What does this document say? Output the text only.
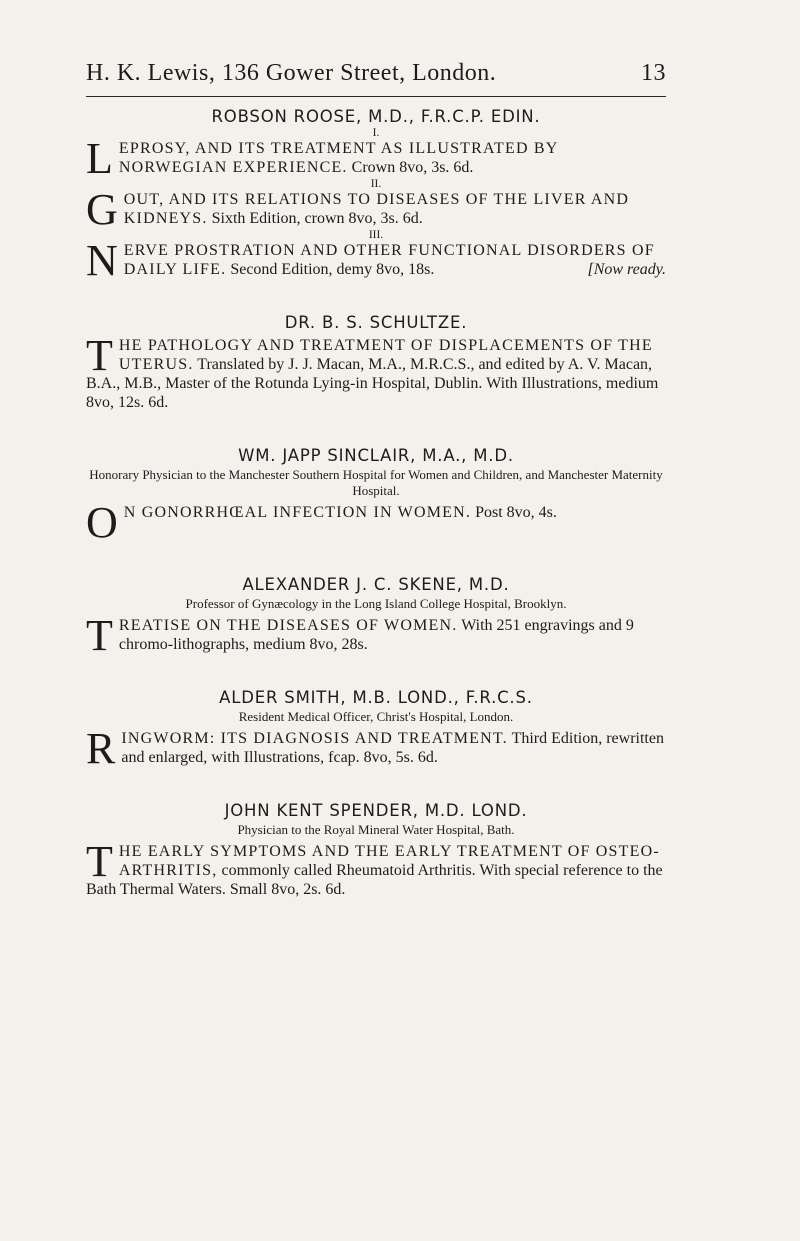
H. K. Lewis, 136 Gower Street, London.	13
ROBSON ROOSE, M.D., F.R.C.P. EDIN.
I.
L EPROSY, AND ITS TREATMENT AS ILLUSTRATED BY NORWEGIAN EXPERIENCE. Crown 8vo, 3s. 6d.
II.
G OUT, AND ITS RELATIONS TO DISEASES OF THE LIVER AND KIDNEYS. Sixth Edition, crown 8vo, 3s. 6d.
III.
N ERVE PROSTRATION AND OTHER FUNCTIONAL DISORDERS OF DAILY LIFE. Second Edition, demy 8vo, 18s.	[Now ready.
DR. B. S. SCHULTZE.
T HE PATHOLOGY AND TREATMENT OF DISPLACEMENTS OF THE UTERUS. Translated by J. J. Macan, M.A., M.R.C.S., and edited by A. V. Macan, B.A., M.B., Master of the Rotunda Lying-in Hospital, Dublin. With Illustrations, medium 8vo, 12s. 6d.
WM. JAPP SINCLAIR, M.A., M.D.
Honorary Physician to the Manchester Southern Hospital for Women and Children, and Manchester Maternity Hospital.
O N GONORRHŒAL INFECTION IN WOMEN. Post 8vo, 4s.
ALEXANDER J. C. SKENE, M.D.
Professor of Gynæcology in the Long Island College Hospital, Brooklyn.
T REATISE ON THE DISEASES OF WOMEN. With 251 engravings and 9 chromo-lithographs, medium 8vo, 28s.
ALDER SMITH, M.B. LOND., F.R.C.S.
Resident Medical Officer, Christ's Hospital, London.
R INGWORM: ITS DIAGNOSIS AND TREATMENT. Third Edition, rewritten and enlarged, with Illustrations, fcap. 8vo, 5s. 6d.
JOHN KENT SPENDER, M.D. LOND.
Physician to the Royal Mineral Water Hospital, Bath.
T HE EARLY SYMPTOMS AND THE EARLY TREATMENT OF OSTEO-ARTHRITIS, commonly called Rheumatoid Arthritis. With special reference to the Bath Thermal Waters. Small 8vo, 2s. 6d.
